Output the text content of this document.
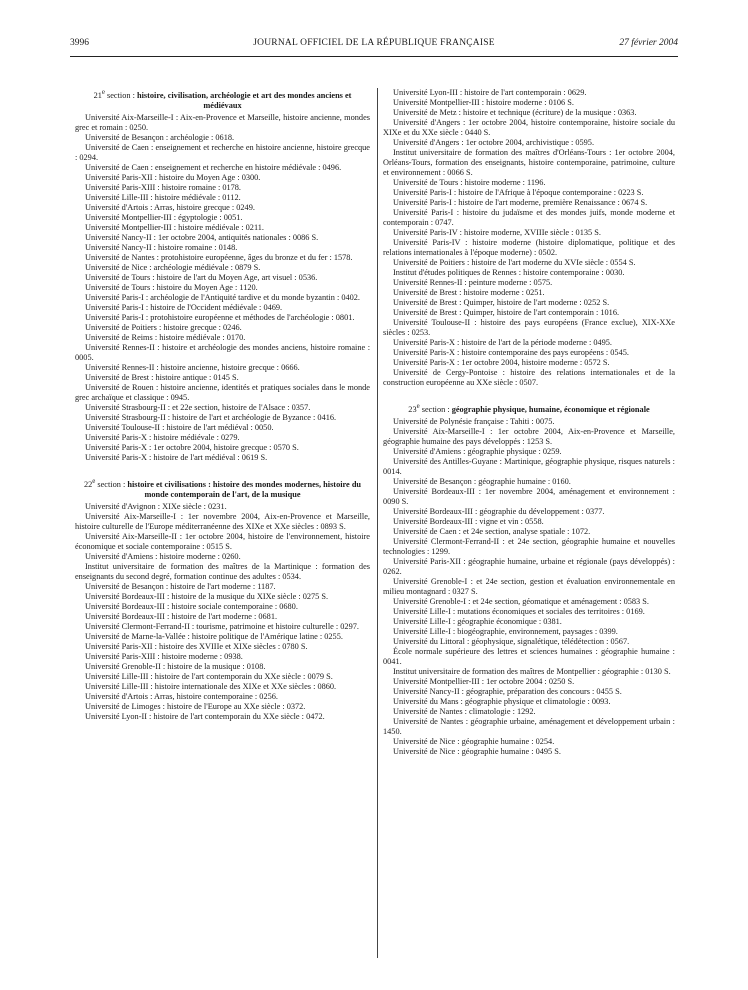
3996	JOURNAL OFFICIEL DE LA RÉPUBLIQUE FRANÇAISE	27 février 2004

21e section : histoire, civilisation, archéologie et art des mondes anciens et médiévaux

Université Aix-Marseille-I : Aix-en-Provence et Marseille, histoire ancienne, mondes grec et romain : 0250.

Université de Besançon : archéologie : 0618.

Université de Caen : enseignement et recherche en histoire ancienne, histoire grecque : 0294.

Université de Caen : enseignement et recherche en histoire médiévale : 0496.

Université Paris-XII : histoire du Moyen Age : 0300.

Université Paris-XIII : histoire romaine : 0178.

Université Lille-III : histoire médiévale : 0112.

Université d'Artois : Arras, histoire grecque : 0249.

Université Montpellier-III : égyptologie : 0051.

Université Montpellier-III : histoire médiévale : 0211.

Université Nancy-II : 1er octobre 2004, antiquités nationales : 0086 S.

Université Nancy-II : histoire romaine : 0148.

Université de Nantes : protohistoire européenne, âges du bronze et du fer : 1578.

Université de Nice : archéologie médiévale : 0879 S.

Université de Tours : histoire de l'art du Moyen Age, art visuel : 0536.

Université de Tours : histoire du Moyen Age : 1120.

Université Paris-I : archéologie de l'Antiquité tardive et du monde byzantin : 0402.

Université Paris-I : histoire de l'Occident médiévale : 0469.

Université Paris-I : protohistoire européenne et méthodes de l'archéologie : 0801.

Université de Poitiers : histoire grecque : 0246.

Université de Reims : histoire médiévale : 0170.

Université Rennes-II : histoire et archéologie des mondes anciens, histoire romaine : 0005.

Université Rennes-II : histoire ancienne, histoire grecque : 0666.

Université de Brest : histoire antique : 0145 S.

Université de Rouen : histoire ancienne, identités et pratiques sociales dans le monde grec archaïque et classique : 0945.

Université Strasbourg-II : et 22e section, histoire de l'Alsace : 0357.

Université Strasbourg-II : histoire de l'art et archéologie de Byzance : 0416.

Université Toulouse-II : histoire de l'art médiéval : 0050.

Université Paris-X : histoire médiévale : 0279.

Université Paris-X : 1er octobre 2004, histoire grecque : 0570 S.

Université Paris-X : histoire de l'art médiéval : 0619 S.

22e section : histoire et civilisations : histoire des mondes modernes, histoire du monde contemporain de l'art, de la musique

Université d'Avignon : XIXe siècle : 0231.

Université Aix-Marseille-I : 1er novembre 2004, Aix-en-Provence et Marseille, histoire culturelle de l'Europe méditerranéenne des XIXe et XXe siècles : 0893 S.

Université Aix-Marseille-II : 1er octobre 2004, histoire de l'environnement, histoire économique et sociale contemporaine : 0515 S.

Université d'Amiens : histoire moderne : 0260.

Institut universitaire de formation des maîtres de la Martinique : formation des enseignants du second degré, formation continue des adultes : 0534.

Université de Besançon : histoire de l'art moderne : 1187.

Université Bordeaux-III : histoire de la musique du XIXe siècle : 0275 S.

Université Bordeaux-III : histoire sociale contemporaine : 0680.

Université Bordeaux-III : histoire de l'art moderne : 0681.

Université Clermont-Ferrand-II : tourisme, patrimoine et histoire culturelle : 0297.

Université de Marne-la-Vallée : histoire politique de l'Amérique latine : 0255.

Université Paris-XII : histoire des XVIIIe et XIXe siècles : 0780 S.

Université Paris-XIII : histoire moderne : 0938.

Université Grenoble-II : histoire de la musique : 0108.

Université Lille-III : histoire de l'art contemporain du XXe siècle : 0079 S.

Université Lille-III : histoire internationale des XIXe et XXe siècles : 0860.

Université d'Artois : Arras, histoire contemporaine : 0256.

Université de Limoges : histoire de l'Europe au XXe siècle : 0372.

Université Lyon-II : histoire de l'art contemporain du XXe siècle : 0472.

Université Lyon-III : histoire de l'art contemporain : 0629.

Université Montpellier-III : histoire moderne : 0106 S.

Université de Metz : histoire et technique (écriture) de la musique : 0363.

Université d'Angers : 1er octobre 2004, histoire contemporaine, histoire sociale du XIXe et du XXe siècle : 0440 S.

Université d'Angers : 1er octobre 2004, archivistique : 0595.

Institut universitaire de formation des maîtres d'Orléans-Tours : 1er octobre 2004, Orléans-Tours, formation des enseignants, histoire contemporaine, patrimoine, culture et environnement : 0066 S.

Université de Tours : histoire moderne : 1196.

Université Paris-I : histoire de l'Afrique à l'époque contemporaine : 0223 S.

Université Paris-I : histoire de l'art moderne, première Renaissance : 0674 S.

Université Paris-I : histoire du judaïsme et des mondes juifs, monde moderne et contemporain : 0747.

Université Paris-IV : histoire moderne, XVIIIe siècle : 0135 S.

Université Paris-IV : histoire moderne (histoire diplomatique, politique et des relations internationales à l'époque moderne) : 0502.

Université de Poitiers : histoire de l'art moderne du XVIe siècle : 0554 S.

Institut d'études politiques de Rennes : histoire contemporaine : 0030.

Université Rennes-II : peinture moderne : 0575.

Université de Brest : histoire moderne : 0251.

Université de Brest : Quimper, histoire de l'art moderne : 0252 S.

Université de Brest : Quimper, histoire de l'art contemporain : 1016.

Université Toulouse-II : histoire des pays européens (France exclue), XIX-XXe siècles : 0253.

Université Paris-X : histoire de l'art de la période moderne : 0495.

Université Paris-X : histoire contemporaine des pays européens : 0545.

Université Paris-X : 1er octobre 2004, histoire moderne : 0572 S.

Université de Cergy-Pontoise : histoire des relations internationales et de la construction européenne au XXe siècle : 0507.

23e section : géographie physique, humaine, économique et régionale

Université de Polynésie française : Tahiti : 0075.

Université Aix-Marseille-I : 1er octobre 2004, Aix-en-Provence et Marseille, géographie humaine des pays développés : 1253 S.

Université d'Amiens : géographie physique : 0259.

Université des Antilles-Guyane : Martinique, géographie physique, risques naturels : 0014.

Université de Besançon : géographie humaine : 0160.

Université Bordeaux-III : 1er novembre 2004, aménagement et environnement : 0090 S.

Université Bordeaux-III : géographie du développement : 0377.

Université Bordeaux-III : vigne et vin : 0558.

Université de Caen : et 24e section, analyse spatiale : 1072.

Université Clermont-Ferrand-II : et 24e section, géographie humaine et nouvelles technologies : 1299.

Université Paris-XII : géographie humaine, urbaine et régionale (pays développés) : 0262.

Université Grenoble-I : et 24e section, gestion et évaluation environnementale en milieu montagnard : 0327 S.

Université Grenoble-I : et 24e section, géomatique et aménagement : 0583 S.

Université Lille-I : mutations économiques et sociales des territoires : 0169.

Université Lille-I : géographie économique : 0381.

Université Lille-I : biogéographie, environnement, paysages : 0399.

Université du Littoral : géophysique, signalétique, télédétection : 0567.

École normale supérieure des lettres et sciences humaines : géographie humaine : 0041.

Institut universitaire de formation des maîtres de Montpellier : géographie : 0130 S.

Université Montpellier-III : 1er octobre 2004 : 0250 S.

Université Nancy-II : géographie, préparation des concours : 0455 S.

Université du Mans : géographie physique et climatologie : 0093.

Université de Nantes : climatologie : 1292.

Université de Nantes : géographie urbaine, aménagement et développement urbain : 1450.

Université de Nice : géographie humaine : 0254.

Université de Nice : géographie humaine : 0495 S.
